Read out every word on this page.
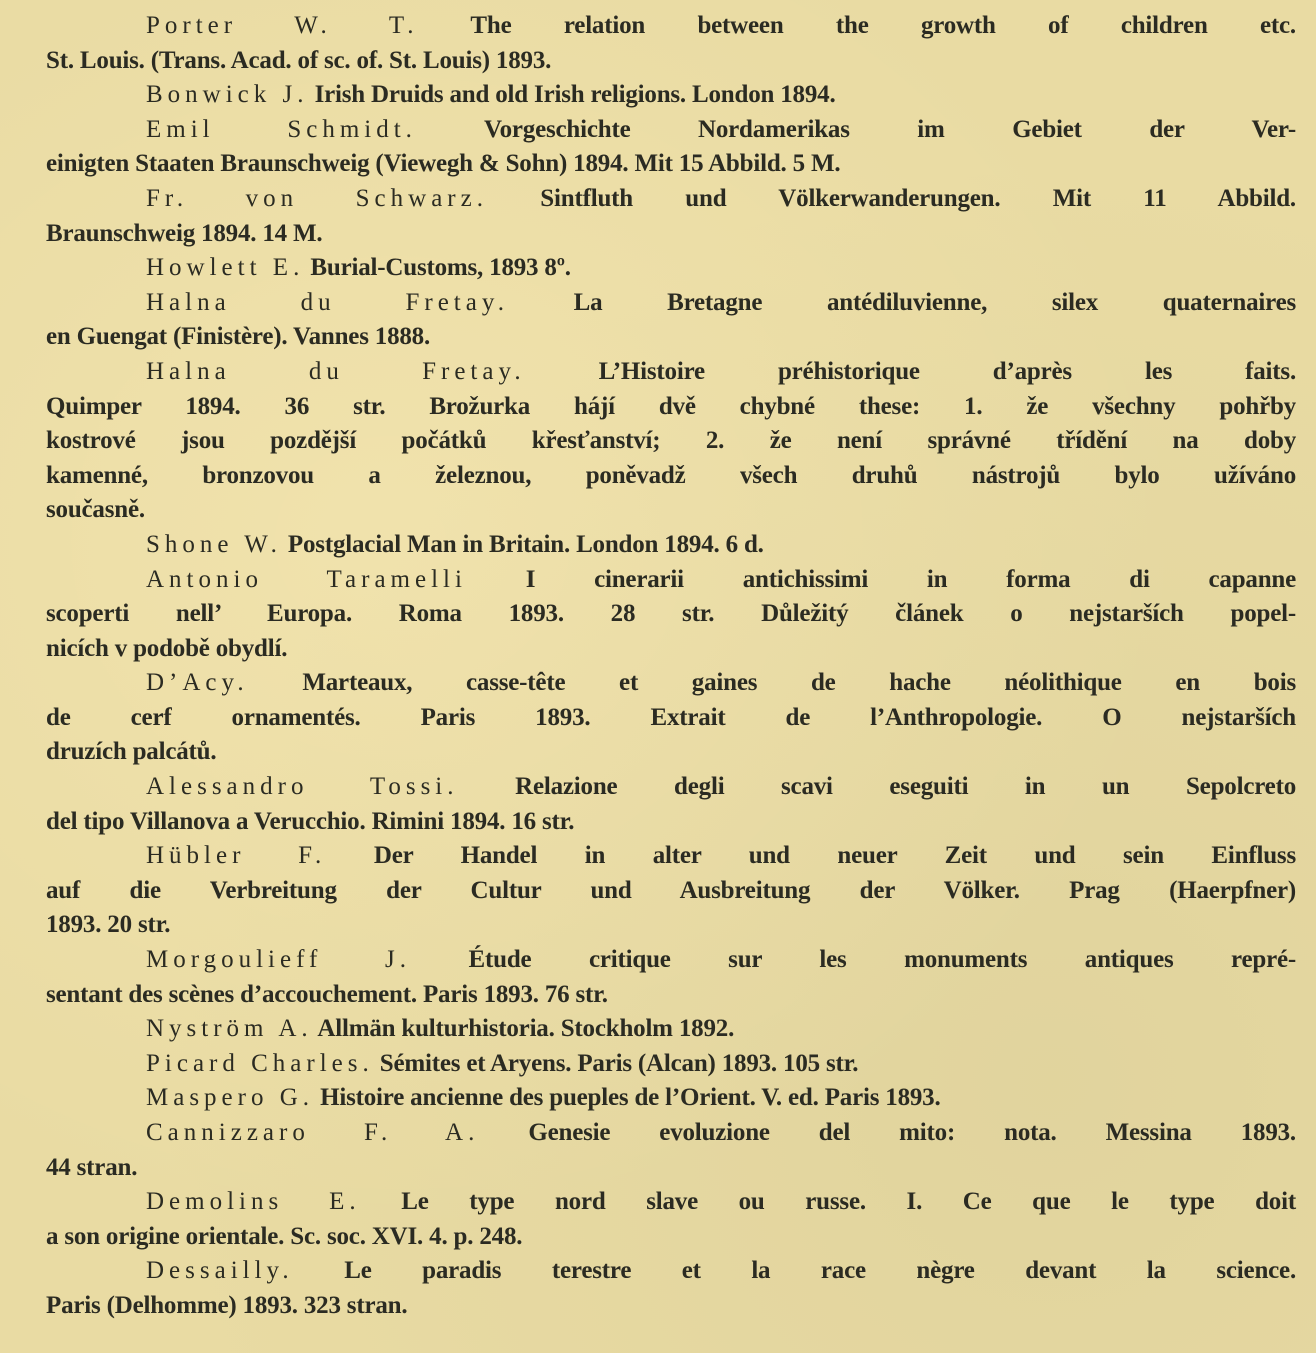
Porter W. T. The relation between the growth of children etc.
St. Louis. (Trans. Acad. of sc. of. St. Louis) 1893.
Bonwick J. Irish Druids and old Irish religions. London 1894.
Emil Schmidt.	Vorgeschichte Nordamerikas im Gebiet der Ver-
einigten Staaten Braunschweig (Viewegh & Sohn) 1894. Mit 15 Abbild. 5 M.
Fr. von Schwarz. Sintfluth und Völkerwanderungen. Mit 11 Abbild.
Braunschweig 1894. 14 M.
Howlett E. Burial-Customs, 1893 8º.
Halna du Fretay.	La Bretagne antédiluvienne, silex quaternaires
en Guengat (Finistère). Vannes 1888.
Halna du Fretay.	L’Histoire préhistorique d’après les faits.
Quimper 1894. 36 str. Brožurka hájí dvě chybné these: 1. že všechny pohřby
kostrové jsou pozdější počátků křesťanství; 2. že není správné třídění na doby
kamenné, bronzovou a železnou, poněvadž všech druhů nástrojů bylo užíváno
současně.
Shone W. Postglacial Man in Britain. London 1894. 6 d.
Antonio Taramelli I cinerarii antichissimi in forma di capanne
scoperti nell’ Europa. Roma 1893. 28 str. Důležitý článek o nejstarších popel-
nicích v podobě obydlí.
D’Acy. Marteaux, casse-tête et gaines de hache néolithique en bois
de cerf ornamentés. Paris 1893. Extrait de l’Anthropologie. O nejstarších
druzích palcátů.
Alessandro Tossi. Relazione degli scavi eseguiti in un Sepolcreto
del tipo Villanova a Verucchio. Rimini 1894. 16 str.
Hübler F. Der Handel in alter und neuer Zeit und sein Einfluss
auf die Verbreitung der Cultur und Ausbreitung der Völker. Prag (Haerpfner)
1893. 20 str.
Morgoulieff J. Étude critique sur les monuments antiques repré-
sentant des scènes d’accouchement. Paris 1893. 76 str.
Nyström A. Allmän kulturhistoria. Stockholm 1892.
Picard Charles. Sémites et Aryens. Paris (Alcan) 1893. 105 str.
Maspero G. Histoire ancienne des pueples de l’Orient. V. ed. Paris 1893.
Cannizzaro F. A. Genesie evoluzione del mito: nota. Messina 1893.
44 stran.
Demolins E. Le type nord slave ou russe. I. Ce que le type doit
a son origine orientale. Sc. soc. XVI. 4. p. 248.
Dessailly. Le paradis terestre et la race nègre devant la science.
Paris (Delhomme) 1893. 323 stran.
